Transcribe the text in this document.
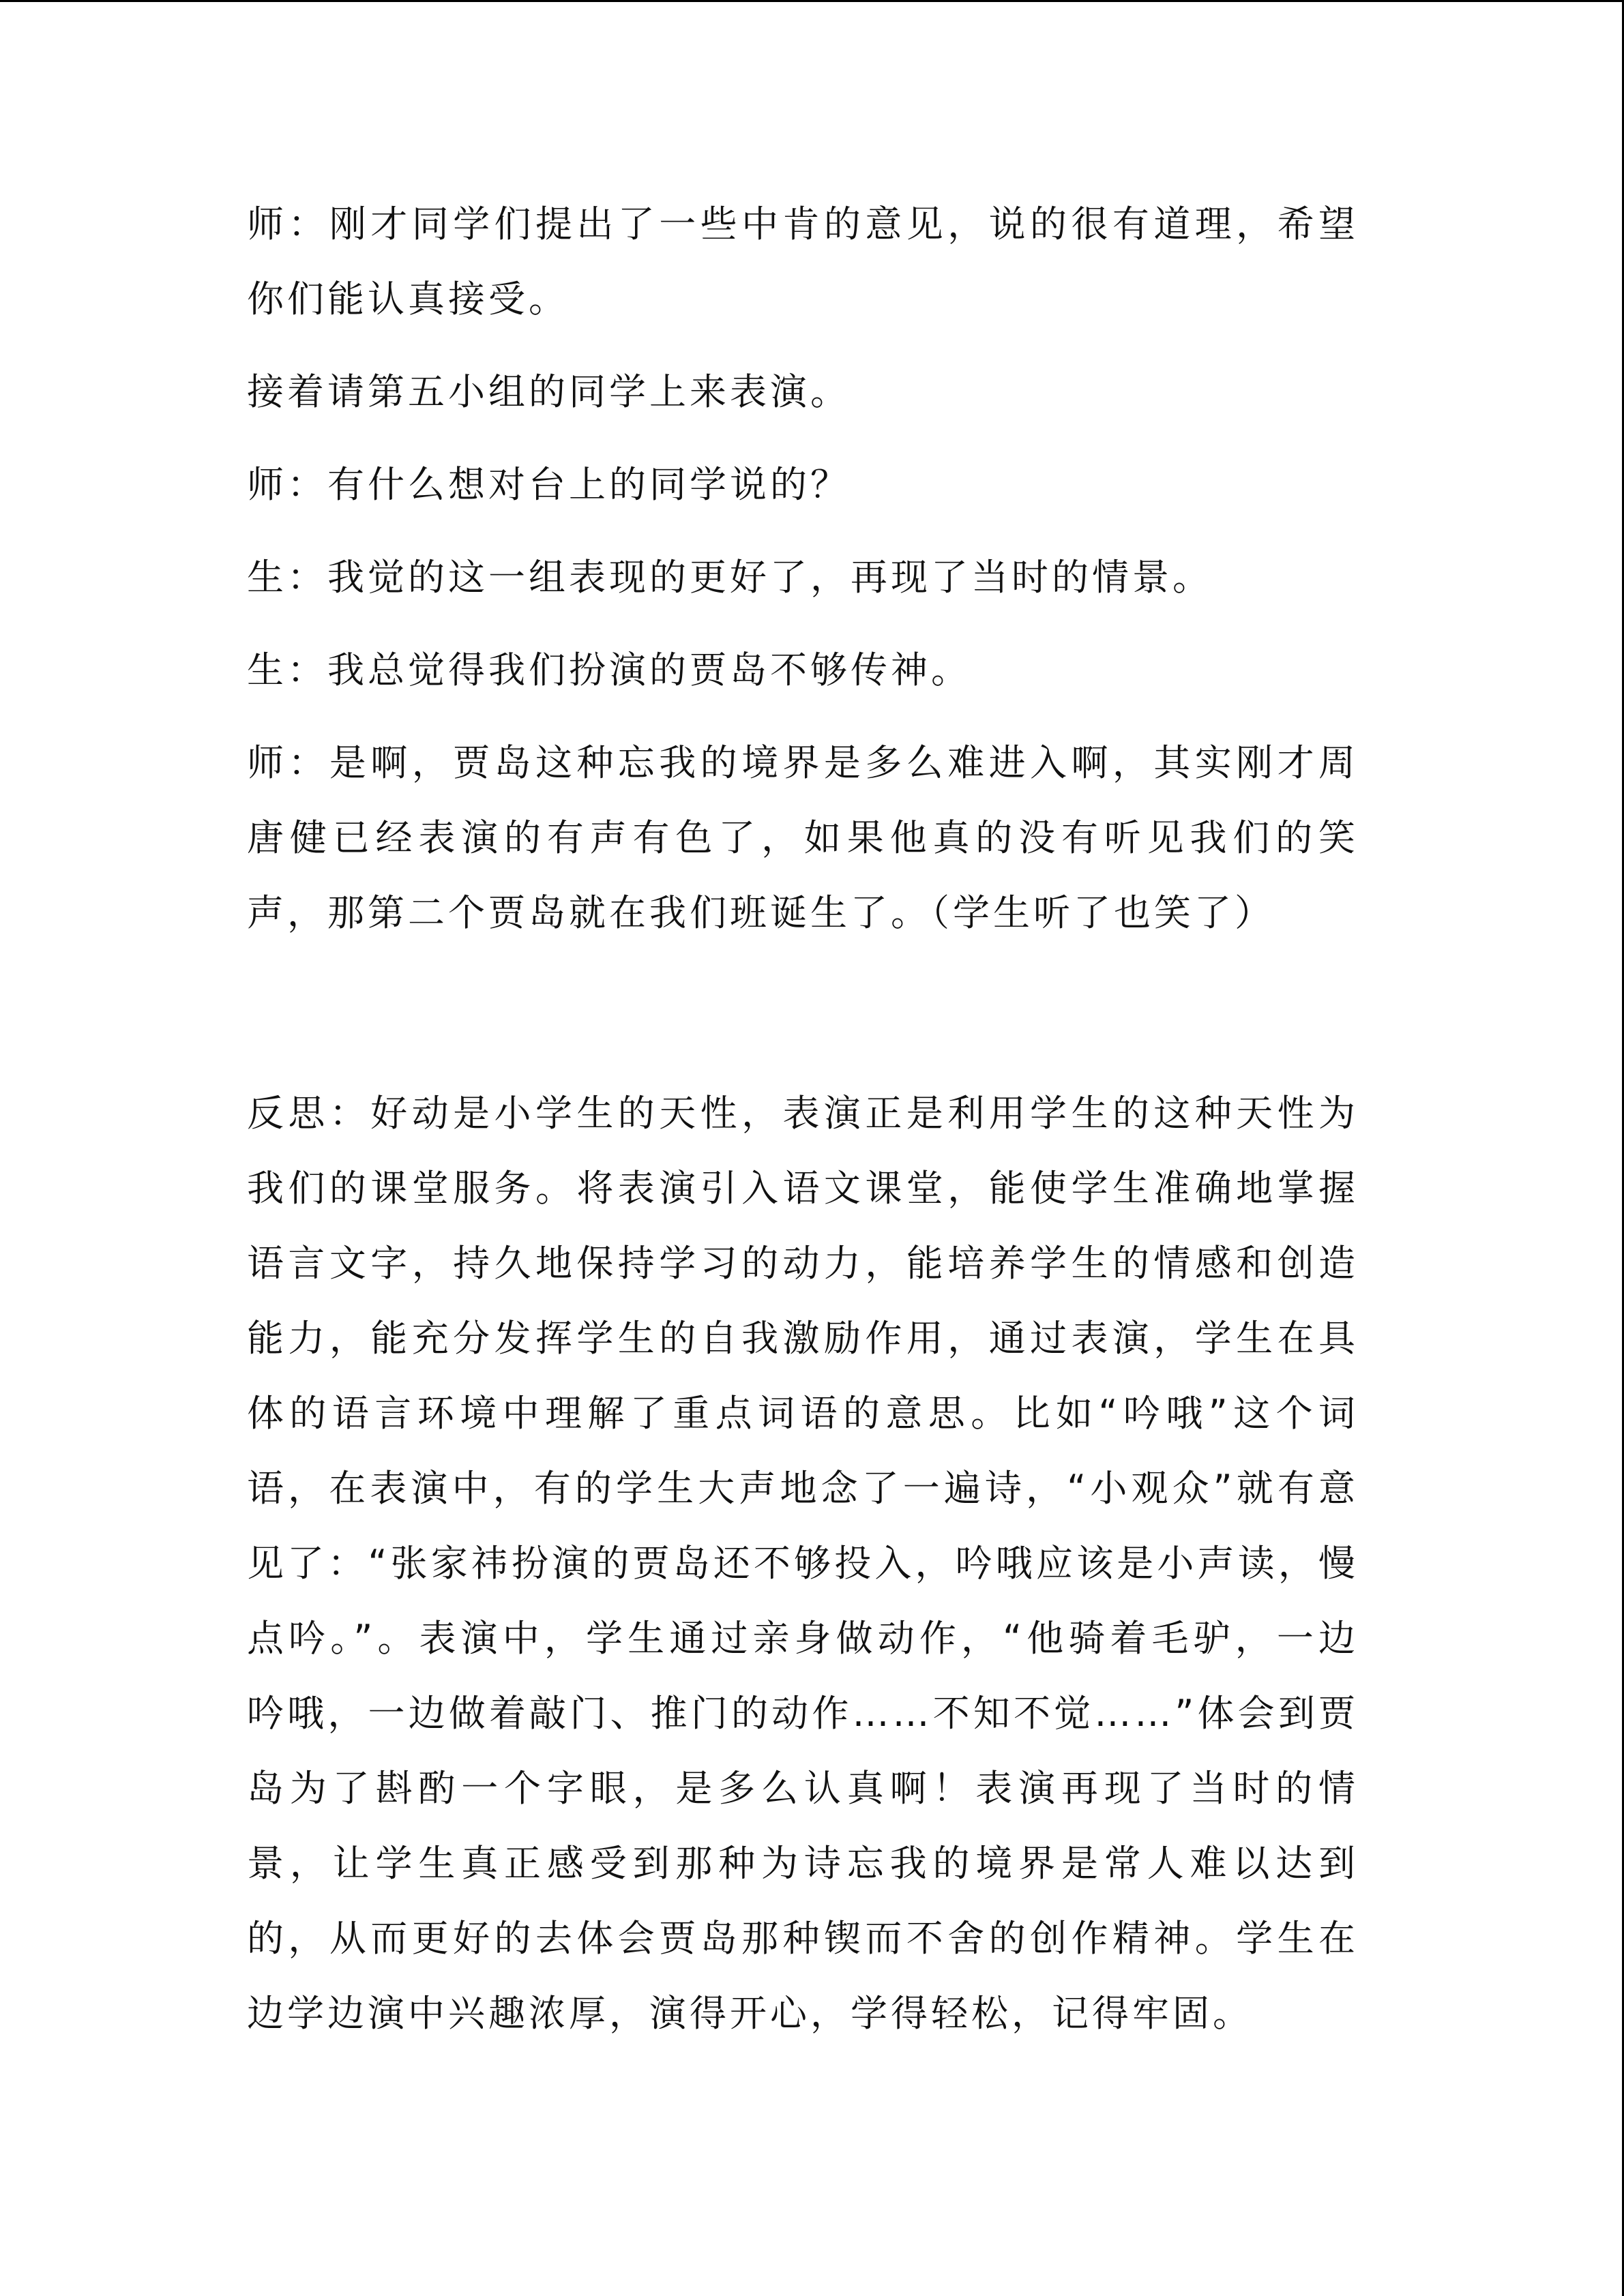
师：刚才同学们提出了一些中肯的意见，说的很有道理，希望你们能认真接受。

接着请第五小组的同学上来表演。

师：有什么想对台上的同学说的？

生：我觉的这一组表现的更好了，再现了当时的情景。

生：我总觉得我们扮演的贾岛不够传神。

师：是啊，贾岛这种忘我的境界是多么难进入啊，其实刚才周唐健已经表演的有声有色了，如果他真的没有听见我们的笑声，那第二个贾岛就在我们班诞生了。（学生听了也笑了）

反思：好动是小学生的天性，表演正是利用学生的这种天性为我们的课堂服务。将表演引入语文课堂，能使学生准确地掌握语言文字，持久地保持学习的动力，能培养学生的情感和创造能力，能充分发挥学生的自我激励作用，通过表演，学生在具体的语言环境中理解了重点词语的意思。比如“吟哦”这个词语，在表演中，有的学生大声地念了一遍诗，“小观众”就有意见了：“张家祎扮演的贾岛还不够投入，吟哦应该是小声读，慢点吟。”。表演中，学生通过亲身做动作，“他骑着毛驴，一边吟哦，一边做着敲门、推门的动作……不知不觉……”体会到贾岛为了斟酌一个字眼，是多么认真啊！表演再现了当时的情景，让学生真正感受到那种为诗忘我的境界是常人难以达到的，从而更好的去体会贾岛那种锲而不舍的创作精神。学生在边学边演中兴趣浓厚，演得开心，学得轻松，记得牢固。
